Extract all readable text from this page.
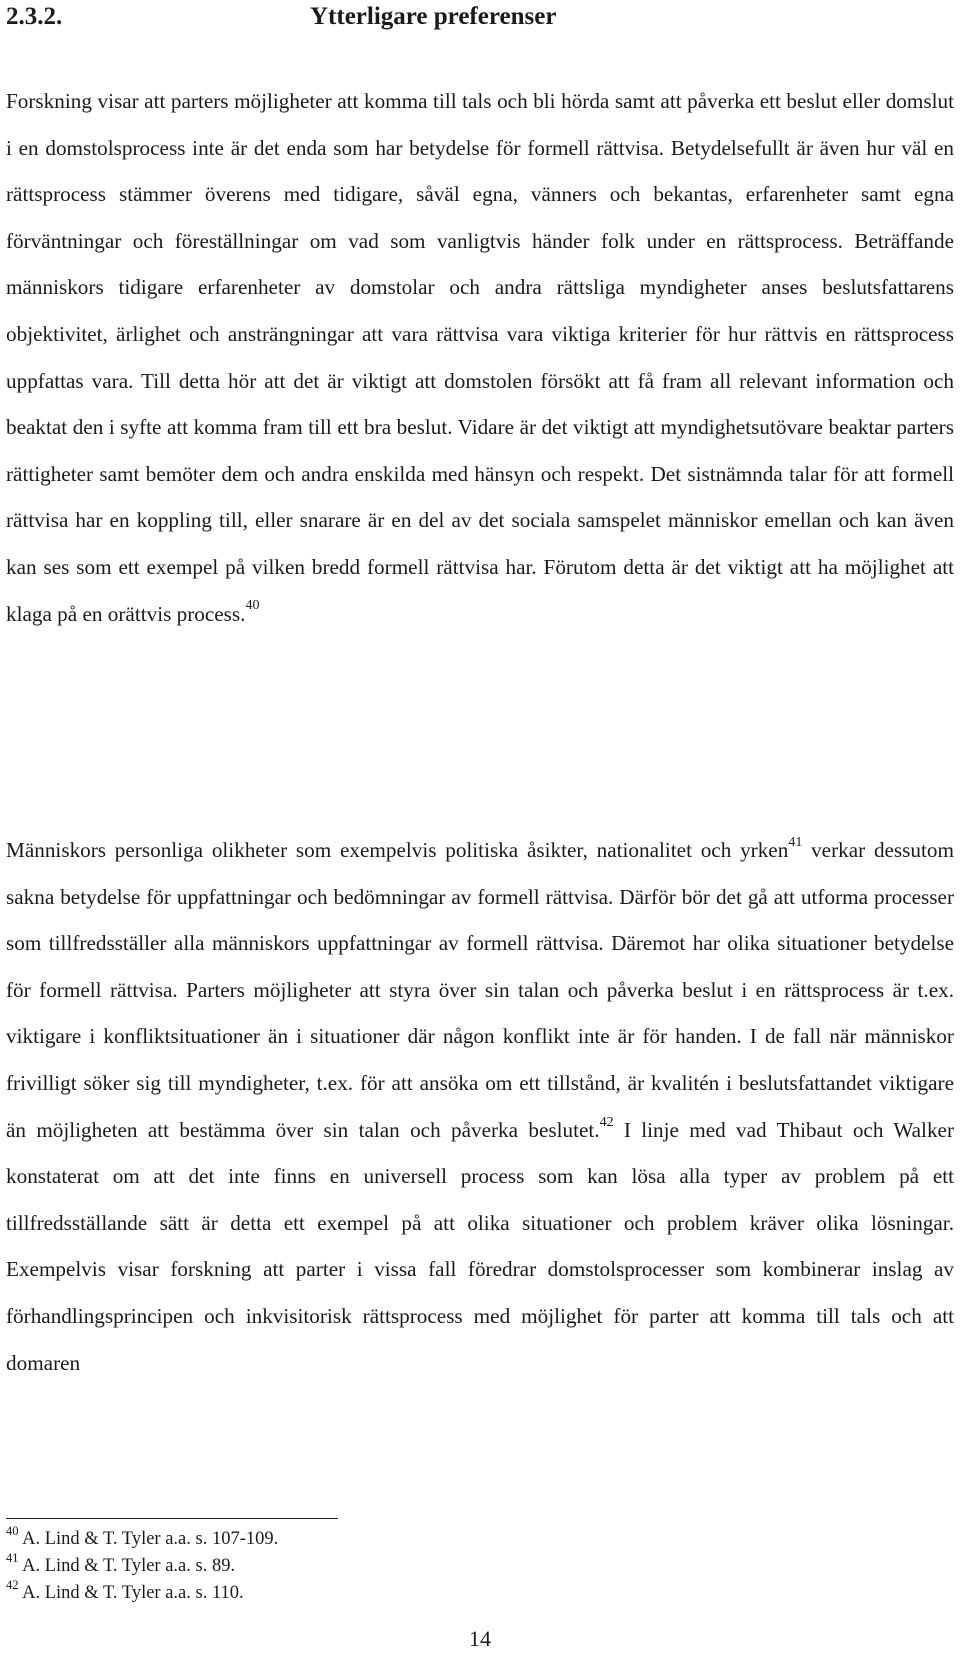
2.3.2.	Ytterligare preferenser

Forskning visar att parters möjligheter att komma till tals och bli hörda samt att påverka ett beslut eller domslut i en domstolsprocess inte är det enda som har betydelse för formell rättvisa. Betydelsefullt är även hur väl en rättsprocess stämmer överens med tidigare, såväl egna, vänners och bekantas, erfarenheter samt egna förväntningar och föreställningar om vad som vanligtvis händer folk under en rättsprocess. Beträffande människors tidigare erfarenheter av domstolar och andra rättsliga myndigheter anses beslutsfattarens objektivitet, ärlighet och ansträngningar att vara rättvisa vara viktiga kriterier för hur rättvis en rättsprocess uppfattas vara. Till detta hör att det är viktigt att domstolen försökt att få fram all relevant information och beaktat den i syfte att komma fram till ett bra beslut. Vidare är det viktigt att myndighetsutövare beaktar parters rättigheter samt bemöter dem och andra enskilda med hänsyn och respekt. Det sistnämnda talar för att formell rättvisa har en koppling till, eller snarare är en del av det sociala samspelet människor emellan och kan även kan ses som ett exempel på vilken bredd formell rättvisa har. Förutom detta är det viktigt att ha möjlighet att klaga på en orättvis process.$^{40}$

Människors personliga olikheter som exempelvis politiska åsikter, nationalitet och yrken$^{41}$ verkar dessutom sakna betydelse för uppfattningar och bedömningar av formell rättvisa. Därför bör det gå att utforma processer som tillfredsställer alla människors uppfattningar av formell rättvisa. Däremot har olika situationer betydelse för formell rättvisa. Parters möjligheter att styra över sin talan och påverka beslut i en rättsprocess är t.ex. viktigare i konfliktsituationer än i situationer där någon konflikt inte är för handen. I de fall när människor frivilligt söker sig till myndigheter, t.ex. för att ansöka om ett tillstånd, är kvalitén i beslutsfattandet viktigare än möjligheten att bestämma över sin talan och påverka beslutet.$^{42}$ I linje med vad Thibaut och Walker konstaterat om att det inte finns en universell process som kan lösa alla typer av problem på ett tillfredsställande sätt är detta ett exempel på att olika situationer och problem kräver olika lösningar. Exempelvis visar forskning att parter i vissa fall föredrar domstolsprocesser som kombinerar inslag av förhandlingsprincipen och inkvisitorisk rättsprocess med möjlighet för parter att komma till tals och att domaren

$^{40}$ A. Lind & T. Tyler a.a. s. 107-109.
$^{41}$ A. Lind & T. Tyler a.a. s. 89.
$^{42}$ A. Lind & T. Tyler a.a. s. 110.
14
